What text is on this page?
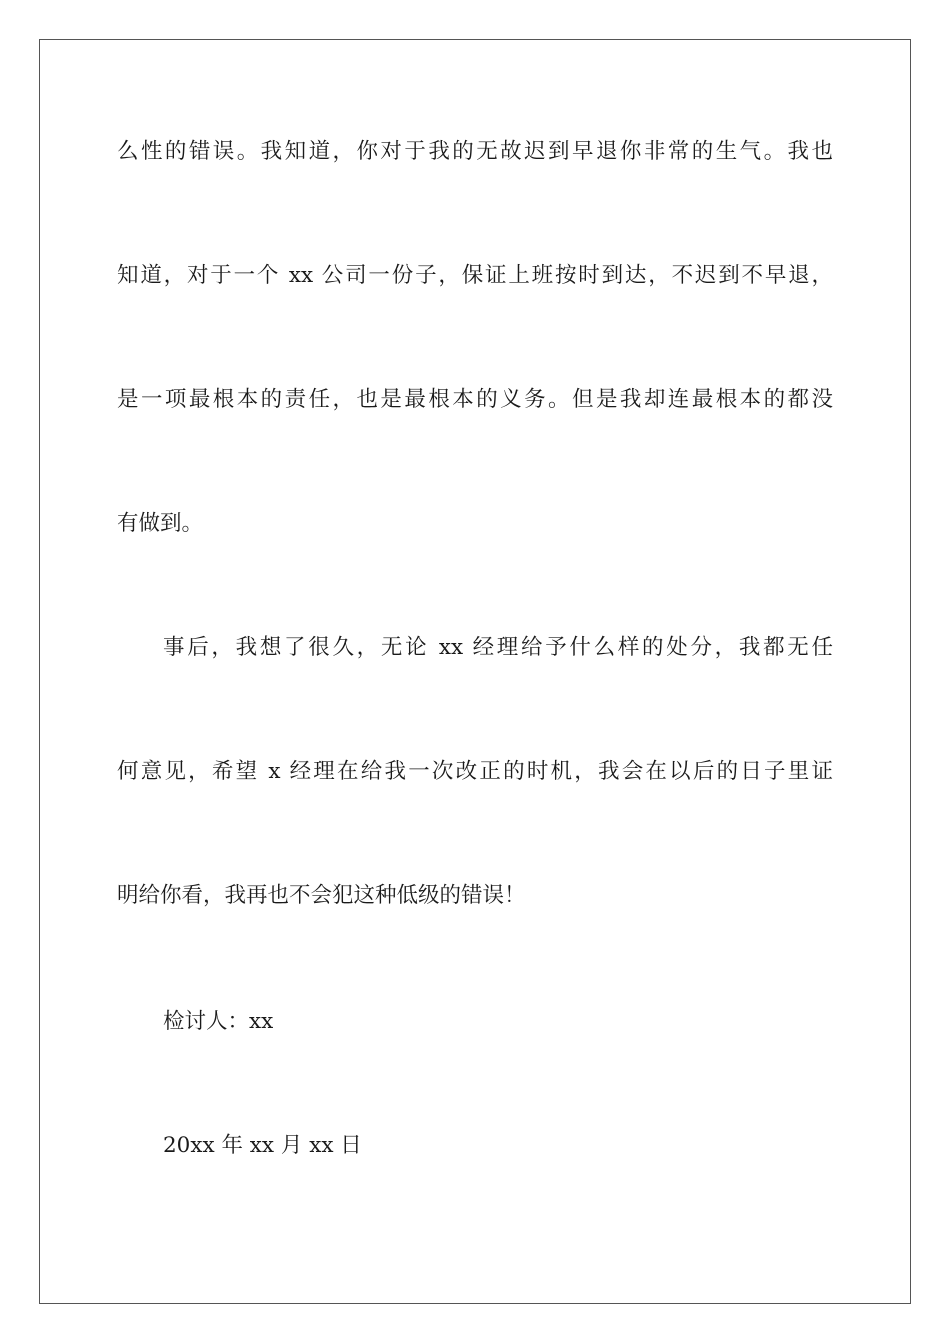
么性的错误。我知道，你对于我的无故迟到早退你非常的生气。我也
知道，对于一个 xx 公司一份子，保证上班按时到达，不迟到不早退，
是一项最根本的责任，也是最根本的义务。但是我却连最根本的都没
有做到。
事后，我想了很久，无论 xx 经理给予什么样的处分，我都无任
何意见，希望 x 经理在给我一次改正的时机，我会在以后的日子里证
明给你看，我再也不会犯这种低级的错误！
检讨人：xx
20xx 年 xx 月 xx 日
